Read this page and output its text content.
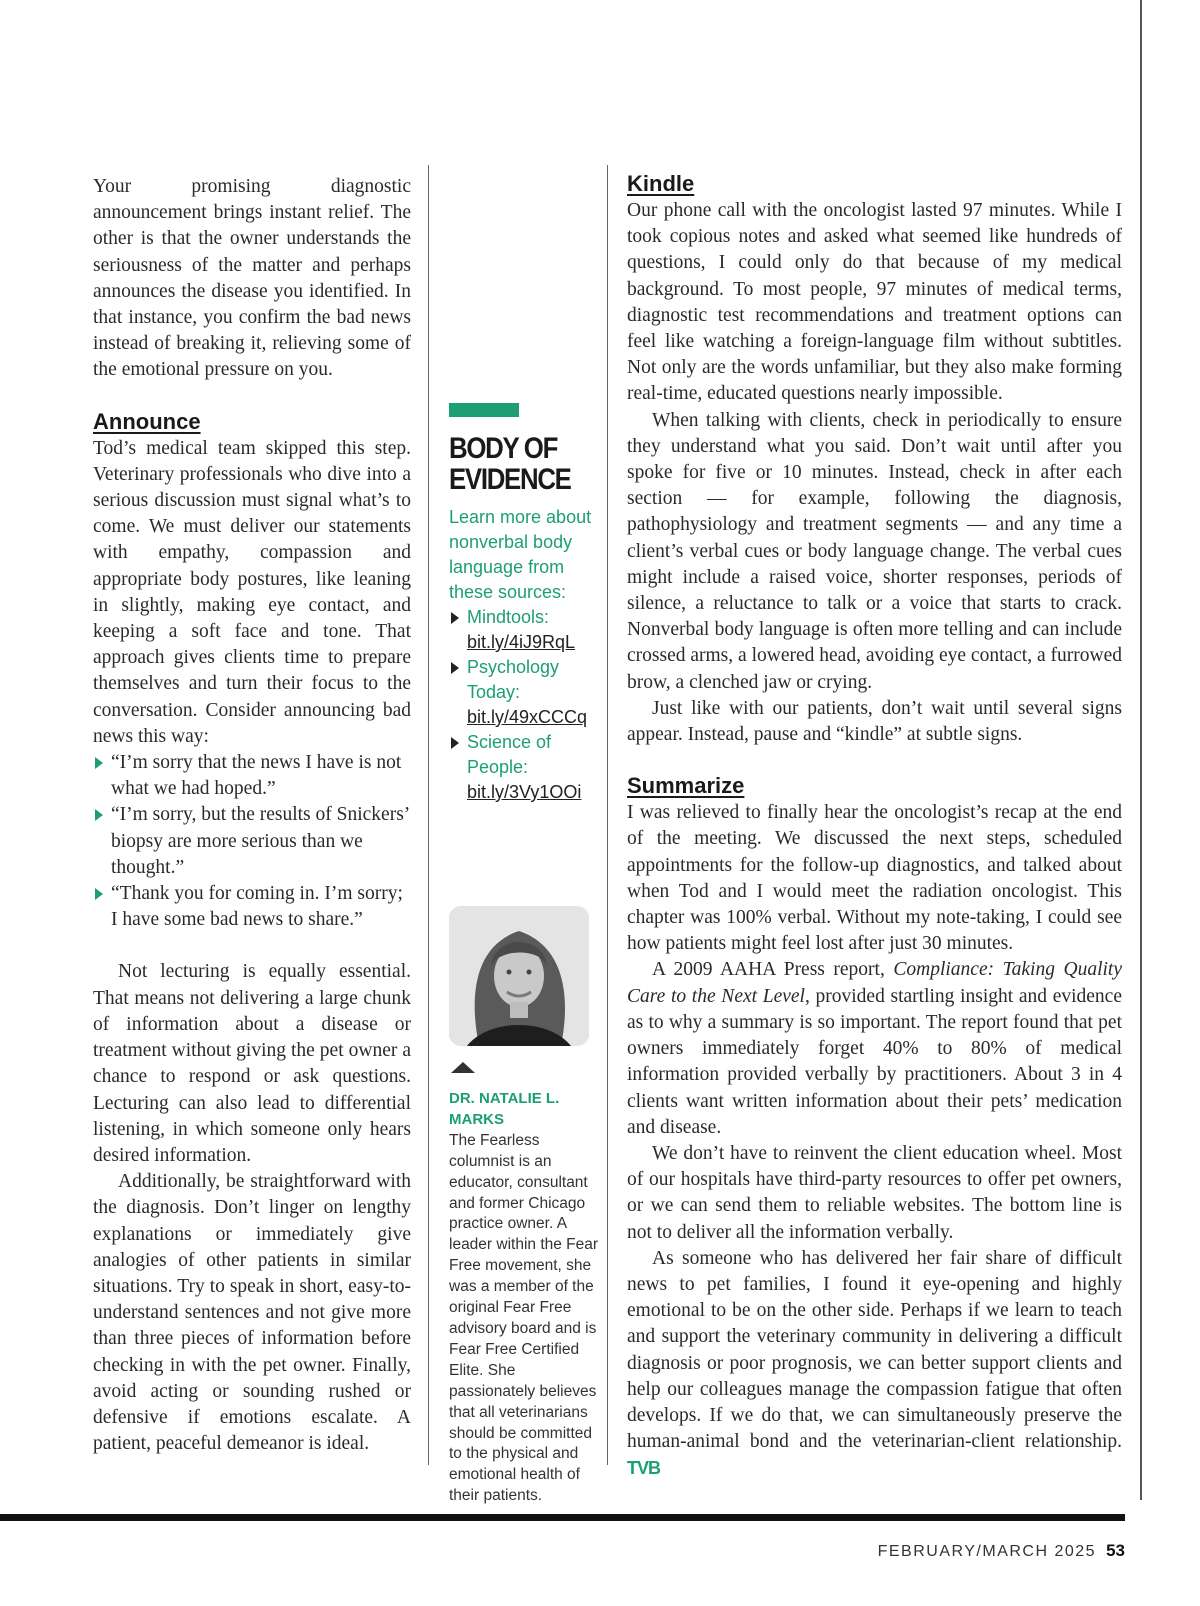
Your promising diagnostic announcement brings instant relief. The other is that the owner understands the seriousness of the matter and perhaps announces the disease you identified. In that instance, you confirm the bad news instead of breaking it, relieving some of the emotional pressure on you.

Announce

Tod’s medical team skipped this step. Veterinary professionals who dive into a serious discussion must signal what’s to come. We must deliver our statements with empathy, compassion and appropriate body postures, like leaning in slightly, making eye contact, and keeping a soft face and tone. That approach gives clients time to prepare themselves and turn their focus to the conversation. Consider announcing bad news this way:

“I’m sorry that the news I have is not what we had hoped.”
“I’m sorry, but the results of Snickers’ biopsy are more serious than we thought.”
“Thank you for coming in. I’m sorry; I have some bad news to share.”

Not lecturing is equally essential. That means not delivering a large chunk of information about a disease or treatment without giving the pet owner a chance to respond or ask questions. Lecturing can also lead to differential listening, in which someone only hears desired information.

Additionally, be straightforward with the diagnosis. Don’t linger on lengthy explanations or immediately give analogies of other patients in similar situations. Try to speak in short, easy-to-understand sentences and not give more than three pieces of information before checking in with the pet owner. Finally, avoid acting or sounding rushed or defensive if emotions escalate. A patient, peaceful demeanor is ideal.

BODY OF
EVIDENCE

Learn more about nonverbal body language from these sources:

Mindtools:
bit.ly/4iJ9RqL
Psychology Today:
bit.ly/49xCCCq
Science of People:
bit.ly/3Vy1OOi
DR. NATALIE L. MARKS
The Fearless columnist is an educator, consultant and former Chicago practice owner. A leader within the Fear Free movement, she was a member of the original Fear Free advisory board and is Fear Free Certified Elite. She passionately believes that all veterinarians should be committed to the physical and emotional health of their patients.
Kindle

Our phone call with the oncologist lasted 97 minutes. While I took copious notes and asked what seemed like hundreds of questions, I could only do that because of my medical background. To most people, 97 minutes of medical terms, diagnostic test recommendations and treatment options can feel like watching a foreign-language film without subtitles. Not only are the words unfamiliar, but they also make forming real-time, educated questions nearly impossible.

When talking with clients, check in periodically to ensure they understand what you said. Don’t wait until after you spoke for five or 10 minutes. Instead, check in after each section — for example, following the diagnosis, pathophysiology and treatment segments — and any time a client’s verbal cues or body language change. The verbal cues might include a raised voice, shorter responses, periods of silence, a reluctance to talk or a voice that starts to crack. Nonverbal body language is often more telling and can include crossed arms, a lowered head, avoiding eye contact, a furrowed brow, a clenched jaw or crying.

Just like with our patients, don’t wait until several signs appear. Instead, pause and “kindle” at subtle signs.

Summarize

I was relieved to finally hear the oncologist’s recap at the end of the meeting. We discussed the next steps, scheduled appointments for the follow-up diagnostics, and talked about when Tod and I would meet the radiation oncologist. This chapter was 100% verbal. Without my note-taking, I could see how patients might feel lost after just 30 minutes.

A 2009 AAHA Press report, Compliance: Taking Quality Care to the Next Level, provided startling insight and evidence as to why a summary is so important. The report found that pet owners immediately forget 40% to 80% of medical information provided verbally by practitioners. About 3 in 4 clients want written information about their pets’ medication and disease.

We don’t have to reinvent the client education wheel. Most of our hospitals have third-party resources to offer pet owners, or we can send them to reliable websites. The bottom line is not to deliver all the information verbally.

As someone who has delivered her fair share of difficult news to pet families, I found it eye-opening and highly emotional to be on the other side. Perhaps if we learn to teach and support the veterinary community in delivering a difficult diagnosis or poor prognosis, we can better support clients and help our colleagues manage the compassion fatigue that often develops. If we do that, we can simultaneously preserve the human-animal bond and the veterinarian-client relationship. TVB

FEBRUARY/MARCH 2025 53
